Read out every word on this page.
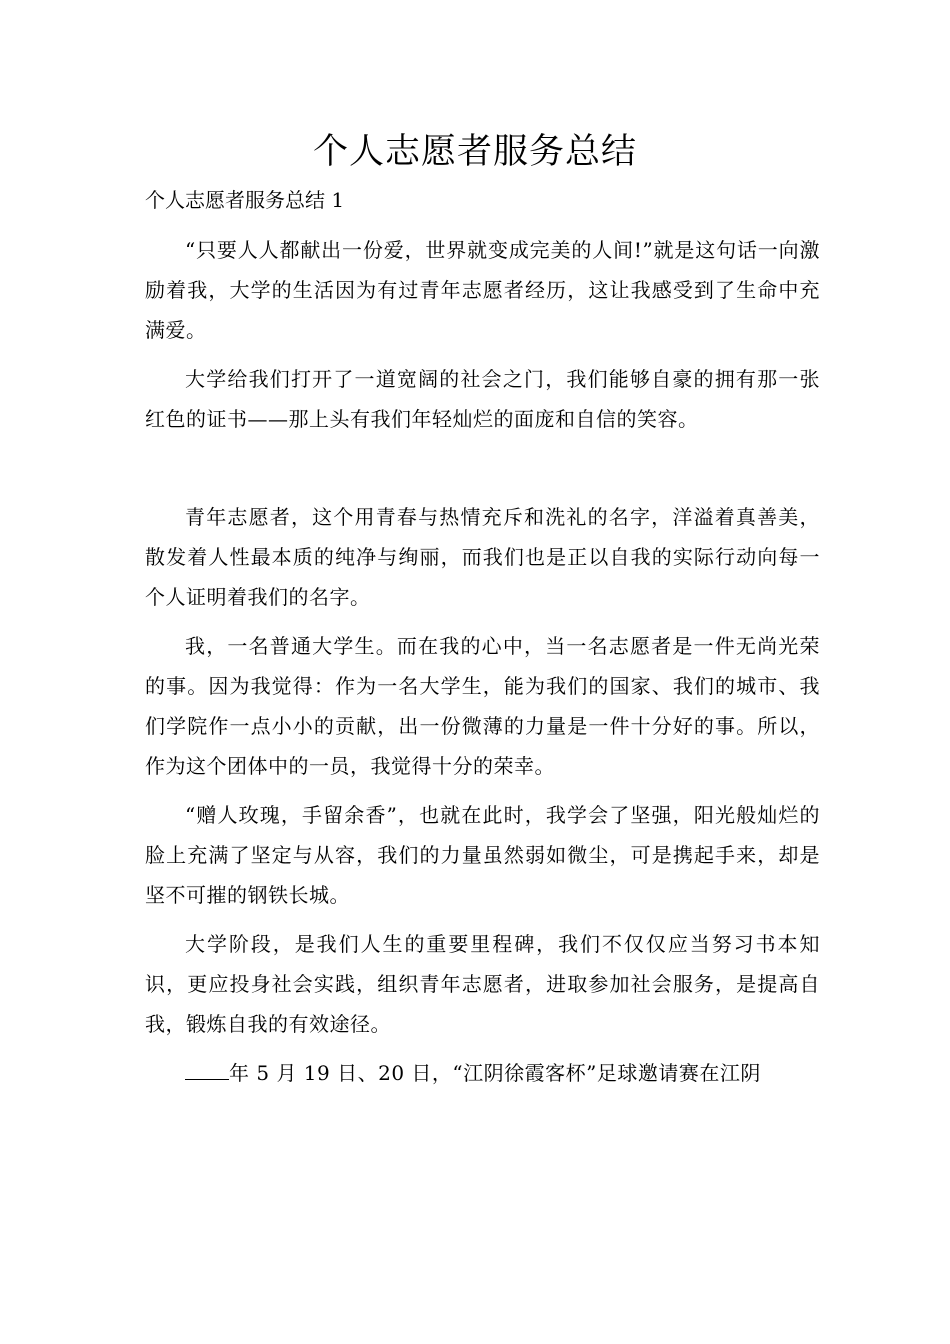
个人志愿者服务总结

个人志愿者服务总结 1

“只要人人都献出一份爱，世界就变成完美的人间!”就是这句话一向激励着我，大学的生活因为有过青年志愿者经历，这让我感受到了生命中充满爱。

大学给我们打开了一道宽阔的社会之门，我们能够自豪的拥有那一张红色的证书——那上头有我们年轻灿烂的面庞和自信的笑容。

青年志愿者，这个用青春与热情充斥和洗礼的名字，洋溢着真善美，散发着人性最本质的纯净与绚丽，而我们也是正以自我的实际行动向每一个人证明着我们的名字。

我，一名普通大学生。而在我的心中，当一名志愿者是一件无尚光荣的事。因为我觉得：作为一名大学生，能为我们的国家、我们的城市、我们学院作一点小小的贡献，出一份微薄的力量是一件十分好的事。所以，作为这个团体中的一员，我觉得十分的荣幸。

“赠人玫瑰，手留余香”，也就在此时，我学会了坚强，阳光般灿烂的脸上充满了坚定与从容，我们的力量虽然弱如微尘，可是携起手来，却是坚不可摧的钢铁长城。

大学阶段，是我们人生的重要里程碑，我们不仅仅应当努习书本知识，更应投身社会实践，组织青年志愿者，进取参加社会服务，是提高自我，锻炼自我的有效途径。

年 5 月 19 日、20 日，“江阴徐霞客杯”足球邀请赛在江阴
